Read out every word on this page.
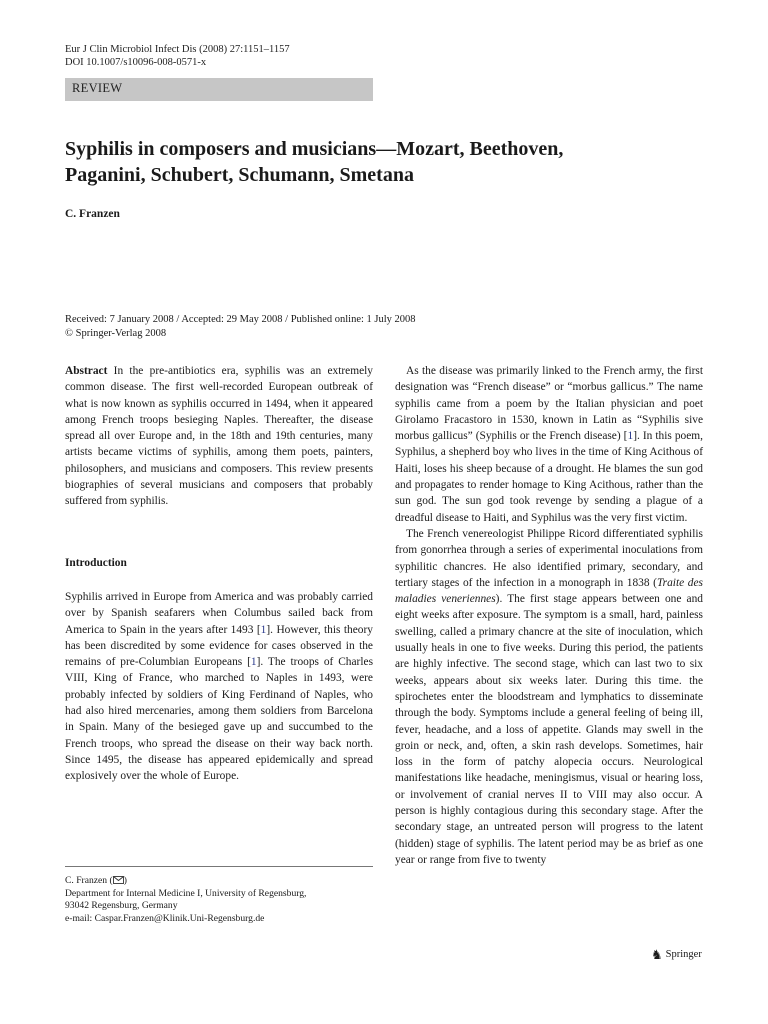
Eur J Clin Microbiol Infect Dis (2008) 27:1151–1157
DOI 10.1007/s10096-008-0571-x
REVIEW
Syphilis in composers and musicians—Mozart, Beethoven,
Paganini, Schubert, Schumann, Smetana
C. Franzen
Received: 7 January 2008 / Accepted: 29 May 2008 / Published online: 1 July 2008
© Springer-Verlag 2008

Abstract In the pre-antibiotics era, syphilis was an extremely common disease. The first well-recorded European outbreak of what is now known as syphilis occurred in 1494, when it appeared among French troops besieging Naples. Thereafter, the disease spread all over Europe and, in the 18th and 19th centuries, many artists became victims of syphilis, among them poets, painters, philosophers, and musicians and composers. This review presents biographies of several musicians and composers that probably suffered from syphilis.

Introduction

Syphilis arrived in Europe from America and was probably carried over by Spanish seafarers when Columbus sailed back from America to Spain in the years after 1493 [1]. However, this theory has been discredited by some evidence for cases observed in the remains of pre-Columbian Europeans [1]. The troops of Charles VIII, King of France, who marched to Naples in 1493, were probably infected by soldiers of King Ferdinand of Naples, who had also hired mercenaries, among them soldiers from Barcelona in Spain. Many of the besieged gave up and succumbed to the French troops, who spread the disease on their way back north. Since 1495, the disease has appeared epidemically and spread explosively over the whole of Europe.

As the disease was primarily linked to the French army, the first designation was “French disease” or “morbus gallicus.” The name syphilis came from a poem by the Italian physician and poet Girolamo Fracastoro in 1530, known in Latin as “Syphilis sive morbus gallicus” (Syphilis or the French disease) [1]. In this poem, Syphilus, a shepherd boy who lives in the time of King Acithous of Haiti, loses his sheep because of a drought. He blames the sun god and propagates to render homage to King Acithous, rather than the sun god. The sun god took revenge by sending a plague of a dreadful disease to Haiti, and Syphilus was the very first victim.

The French venereologist Philippe Ricord differentiated syphilis from gonorrhea through a series of experimental inoculations from syphilitic chancres. He also identified primary, secondary, and tertiary stages of the infection in a monograph in 1838 (Traite des maladies veneriennes). The first stage appears between one and eight weeks after exposure. The symptom is a small, hard, painless swelling, called a primary chancre at the site of inoculation, which usually heals in one to five weeks. During this period, the patients are highly infective. The second stage, which can last two to six weeks, appears about six weeks later. During this time. the spirochetes enter the bloodstream and lymphatics to disseminate through the body. Symptoms include a general feeling of being ill, fever, headache, and a loss of appetite. Glands may swell in the groin or neck, and, often, a skin rash develops. Sometimes, hair loss in the form of patchy alopecia occurs. Neurological manifestations like headache, meningismus, visual or hearing loss, or involvement of cranial nerves II to VIII may also occur. A person is highly contagious during this secondary stage. After the secondary stage, an untreated person will progress to the latent (hidden) stage of syphilis. The latent period may be as brief as one year or range from five to twenty

C. Franzen ( )
Department for Internal Medicine I, University of Regensburg,
93042 Regensburg, Germany
e-mail: Caspar.Franzen@Klinik.Uni-Regensburg.de
♞ Springer
